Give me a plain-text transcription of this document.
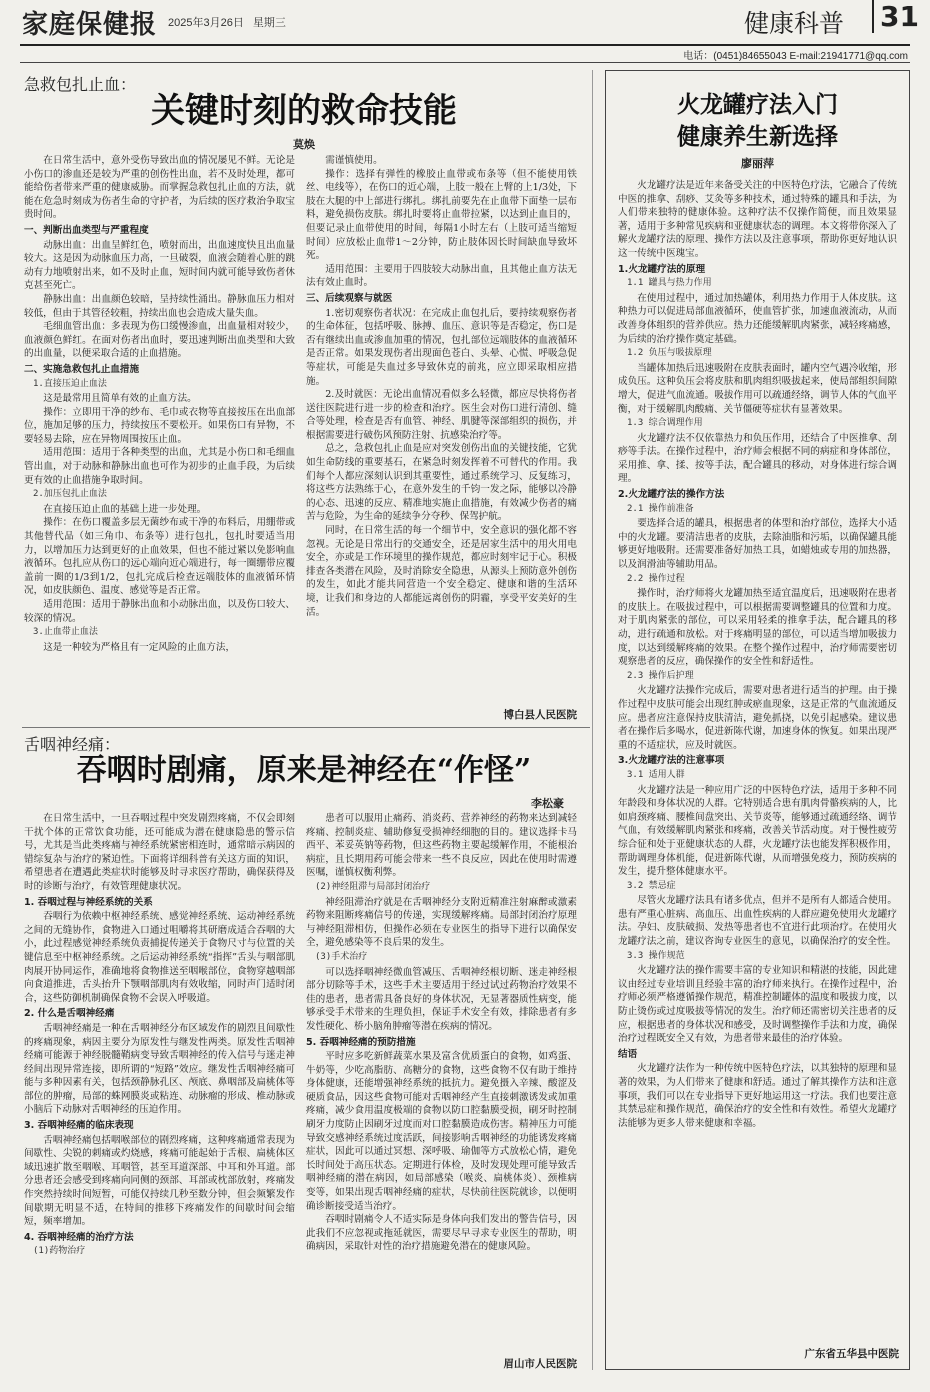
家庭保健报 2025年3月26日 星期三	健康科普 31
电话：(0451)84655043 E-mail:21941771@qq.com
急救包扎止血：
关键时刻的救命技能
莫焕

在日常生活中，意外受伤导致出血的情况屡见不鲜。无论是小伤口的渗血还是较为严重的创伤性出血，若不及时处理，都可能给伤者带来严重的健康威胁。而掌握急救包扎止血的方法，就能在危急时刻成为伤者生命的守护者，为后续的医疗救治争取宝贵时间。

一、判断出血类型与严重程度

动脉出血：出血呈鲜红色，喷射而出，出血速度快且出血量较大。这是因为动脉血压力高，一旦破裂，血液会随着心脏的跳动有力地喷射出来，如不及时止血，短时间内就可能导致伤者休克甚至死亡。

静脉出血：出血颜色较暗，呈持续性涌出。静脉血压力相对较低，但由于其管径较粗，持续出血也会造成大量失血。

毛细血管出血：多表现为伤口缓慢渗血，出血量相对较少，血液颜色鲜红。在面对伤者出血时，要迅速判断出血类型和大致的出血量，以便采取合适的止血措施。

二、实施急救包扎止血措施
1.直接压迫止血法

这是最常用且简单有效的止血方法。

操作：立即用干净的纱布、毛巾或衣物等直接按压在出血部位，施加足够的压力，持续按压不要松开。如果伤口有异物，不要轻易去除，应在异物周围按压止血。

适用范围：适用于各种类型的出血，尤其是小伤口和毛细血管出血，对于动脉和静脉出血也可作为初步的止血手段，为后续更有效的止血措施争取时间。

2.加压包扎止血法

在直接压迫止血的基础上进一步处理。

操作：在伤口覆盖多层无菌纱布或干净的布料后，用绷带或其他替代品（如三角巾、布条等）进行包扎，包扎时要适当用力，以增加压力达到更好的止血效果，但也不能过紧以免影响血液循环。包扎应从伤口的远心端向近心端进行，每一圈绷带应覆盖前一圈的1/3到1/2，包扎完成后检查远端肢体的血液循环情况，如皮肤颜色、温度、感觉等是否正常。

适用范围：适用于静脉出血和小动脉出血，以及伤口较大、较深的情况。

3.止血带止血法

这是一种较为严格且有一定风险的止血方法，

需谨慎使用。

操作：选择有弹性的橡胶止血带或布条等（但不能使用铁丝、电线等），在伤口的近心端，上肢一般在上臂的上1/3处，下肢在大腿的中上部进行绑扎。绑扎前要先在止血带下面垫一层布料，避免损伤皮肤。绑扎时要将止血带拉紧，以达到止血目的，但要记录止血带使用的时间，每隔1小时左右（上肢可适当缩短时间）应放松止血带1～2分钟，防止肢体因长时间缺血导致坏死。

适用范围：主要用于四肢较大动脉出血，且其他止血方法无法有效止血时。

三、后续观察与就医

1.密切观察伤者状况：在完成止血包扎后，要持续观察伤者的生命体征，包括呼吸、脉搏、血压、意识等是否稳定，伤口是否有继续出血或渗血加重的情况，包扎部位远端肢体的血液循环是否正常。如果发现伤者出现面色苍白、头晕、心慌、呼吸急促等症状，可能是失血过多导致休克的前兆，应立即采取相应措施。

2.及时就医：无论出血情况看似多么轻微，都应尽快将伤者送往医院进行进一步的检查和治疗。医生会对伤口进行清创、缝合等处理，检查是否有血管、神经、肌腱等深部组织的损伤，并根据需要进行破伤风预防注射、抗感染治疗等。

总之，急救包扎止血是应对突发创伤出血的关键技能，它犹如生命防线的重要基石，在紧急时刻发挥着不可替代的作用。我们每个人都应深刻认识到其重要性，通过系统学习、反复练习，将这些方法熟练于心，在意外发生的千钧一发之际，能够以冷静的心态、迅速的反应、精准地实施止血措施，有效减少伤者的痛苦与危险，为生命的延续争分夺秒、保驾护航。

同时，在日常生活的每一个细节中，安全意识的强化都不容忽视。无论是日常出行的交通安全，还是居家生活中的用火用电安全，亦或是工作环境里的操作规范，都应时刻牢记于心。积极排查各类潜在风险，及时消除安全隐患，从源头上预防意外创伤的发生，如此才能共同营造一个安全稳定、健康和谐的生活环境，让我们和身边的人都能远离创伤的阴霾，享受平安美好的生活。

博白县人民医院
舌咽神经痛：
吞咽时剧痛，原来是神经在“作怪”
李松豪

在日常生活中，一旦吞咽过程中突发剧烈疼痛，不仅会即刻干扰个体的正常饮食功能，还可能成为潜在健康隐患的警示信号，尤其是当此类疼痛与神经系统紧密相连时，通常暗示病因的错综复杂与治疗的紧迫性。下面将详细科普有关这方面的知识，希望患者在遭遇此类症状时能够及时寻求医疗帮助，确保获得及时的诊断与治疗，有效管理健康状况。

1. 吞咽过程与神经系统的关系

吞咽行为依赖中枢神经系统、感觉神经系统、运动神经系统之间的无缝协作，食物进入口通过咀嚼将其研磨成适合吞咽的大小，此过程感觉神经系统负责捕捉传递关于食物尺寸与位置的关键信息至中枢神经系统。之后运动神经系统“指挥”舌头与咽部肌肉展开协同运作，准确地将食物推送至咽喉部位，食物穿越咽部向食道推进，舌头抬升下颚咽部肌肉有效收缩，同时声门适时闭合，这些防御机制确保食物不会误入呼吸道。

2. 什么是舌咽神经痛

舌咽神经痛是一种在舌咽神经分布区域发作的剧烈且间歇性的疼痛现象，病因主要分为原发性与继发性两类。原发性舌咽神经痛可能源于神经脱髓鞘病变导致舌咽神经的传入信号与迷走神经间出现异常连接，即所谓的“短路”效应。继发性舌咽神经痛可能与多种因素有关，包括颈静脉孔区、颅底、鼻咽部及扁桃体等部位的肿瘤，局部的蛛网膜炎或粘连、动脉瘤的形成、椎动脉或小脑后下动脉对舌咽神经的压迫作用。

3. 吞咽神经痛的临床表现

舌咽神经痛包括咽喉部位的剧烈疼痛，这种疼痛通常表现为间歇性、尖锐的刺痛或灼烧感，疼痛可能起始于舌根、扁桃体区域迅速扩散至咽喉、耳咽管，甚至耳道深部、中耳和外耳道。部分患者还会感受到疼痛向同侧的颈部、耳部或枕部放射，疼痛发作突然持续时间短暂，可能仅持续几秒至数分钟，但会频繁发作间歇期无明显不适，在特间的推移下疼痛发作的间歇时间会缩短，频率增加。

4. 吞咽神经痛的治疗方法
(1)药物治疗

患者可以服用止痛药、消炎药、营养神经的药物来达到减轻疼痛、控制炎症、辅助修复受损神经细胞的目的。建议选择卡马西平、苯妥英钠等药物，但这些药物主要起缓解作用，不能根治病症，且长期用药可能会带来一些不良反应，因此在使用时需遵医嘱，谨慎权衡利弊。

(2)神经阻滞与局部封闭治疗

神经阻滞治疗就是在舌咽神经分支附近精准注射麻醉或激素药物来阻断疼痛信号的传递，实现缓解疼痛。局部封闭治疗原理与神经阻滞相仿，但操作必须在专业医生的指导下进行以确保安全，避免感染等不良后果的发生。

(3)手术治疗

可以选择咽神经微血管减压、舌咽神经根切断、迷走神经根部分切除等手术，这些手术主要适用于经过试过药物治疗效果不佳的患者，患者需具备良好的身体状况，无显著器质性病变，能够承受手术带来的生理负担，保证手术安全有效，排除患者有多发性硬化、桥小脑角肿瘤等潜在疾病的情况。

5. 吞咽神经痛的预防措施

平时应多吃新鲜蔬菜水果及富含优质蛋白的食物，如鸡蛋、牛奶等，少吃高脂肪、高糖分的食物，这些食物不仅有助于维持身体健康，还能增强神经系统的抵抗力。避免摄入辛辣、酸涩及硬质食品，因这些食物可能对舌咽神经产生直接刺激诱发或加重疼痛，减少食用温度极端的食物以防口腔黏膜受损，刷牙时控制刷牙力度防止因刷牙过度而对口腔黏膜造成伤害。精神压力可能导致交感神经系统过度活跃，间接影响舌咽神经的功能诱发疼痛症状，因此可以通过冥想、深呼吸、瑜伽等方式放松心情，避免长时间处于高压状态。定期进行体检，及时发现处理可能导致舌咽神经痛的潜在病因，如局部感染（喉炎、扁桃体炎）、颈椎病变等，如果出现舌咽神经痛的症状，尽快前往医院就诊，以便明确诊断接受适当治疗。

吞咽时剧痛令人不适实际是身体向我们发出的警告信号，因此我们不应忽视或拖延就医，需要尽早寻求专业医生的帮助，明确病因，采取针对性的治疗措施避免潜在的健康风险。

眉山市人民医院
火龙罐疗法入门
健康养生新选择
廖丽萍

火龙罐疗法是近年来备受关注的中医特色疗法，它融合了传统中医的推拿、刮痧、艾灸等多种技术，通过特殊的罐具和手法，为人们带来独特的健康体验。这种疗法不仅操作简便，而且效果显著，适用于多种常见疾病和亚健康状态的调理。本文将带你深入了解火龙罐疗法的原理、操作方法以及注意事项，帮助你更好地认识这一传统中医瑰宝。

1.火龙罐疗法的原理
1.1 罐具与热力作用

在使用过程中，通过加热罐体，利用热力作用于人体皮肤。这种热力可以促进局部血液循环，使血管扩张，加速血液流动，从而改善身体组织的营养供应。热力还能缓解肌肉紧张，减轻疼痛感，为后续的治疗操作奠定基础。

1.2 负压与吸拔原理

当罐体加热后迅速吸附在皮肤表面时，罐内空气遇冷收缩，形成负压。这种负压会将皮肤和肌肉组织吸拔起来，使局部组织间隙增大，促进气血流通。吸拔作用可以疏通经络，调节人体的气血平衡，对于缓解肌肉酸痛、关节僵硬等症状有显著效果。

1.3 综合调理作用

火龙罐疗法不仅依靠热力和负压作用，还结合了中医推拿、刮痧等手法。在操作过程中，治疗师会根据不同的病症和身体部位，采用推、拿、揉、按等手法，配合罐具的移动，对身体进行综合调理。

2.火龙罐疗法的操作方法
2.1 操作前准备

要选择合适的罐具，根据患者的体型和治疗部位，选择大小适中的火龙罐。要清洁患者的皮肤，去除油脂和污垢，以确保罐具能够更好地吸附。还需要准备好加热工具，如蜡烛或专用的加热器，以及润滑油等辅助用品。

2.2 操作过程

操作时，治疗师将火龙罐加热至适宜温度后，迅速吸附在患者的皮肤上。在吸拔过程中，可以根据需要调整罐具的位置和力度。对于肌肉紧张的部位，可以采用轻柔的推拿手法，配合罐具的移动，进行疏通和放松。对于疼痛明显的部位，可以适当增加吸拔力度，以达到缓解疼痛的效果。在整个操作过程中，治疗师需要密切观察患者的反应，确保操作的安全性和舒适性。

2.3 操作后护理

火龙罐疗法操作完成后，需要对患者进行适当的护理。由于操作过程中皮肤可能会出现红肿或瘀血现象，这是正常的气血流通反应。患者应注意保持皮肤清洁，避免抓挠，以免引起感染。建议患者在操作后多喝水，促进新陈代谢，加速身体的恢复。如果出现严重的不适症状，应及时就医。

3.火龙罐疗法的注意事项
3.1 适用人群

火龙罐疗法是一种应用广泛的中医特色疗法，适用于多种不同年龄段和身体状况的人群。它特别适合患有肌肉骨骼疾病的人，比如肩颈疼痛、腰椎间盘突出、关节炎等，能够通过疏通经络、调节气血，有效缓解肌肉紧张和疼痛，改善关节活动度。对于慢性疲劳综合征和处于亚健康状态的人群，火龙罐疗法也能发挥积极作用，帮助调理身体机能，促进新陈代谢，从而增强免疫力，预防疾病的发生，提升整体健康水平。

3.2 禁忌症

尽管火龙罐疗法具有诸多优点，但并不是所有人都适合使用。患有严重心脏病、高血压、出血性疾病的人群应避免使用火龙罐疗法。孕妇、皮肤破损、发热等患者也不宜进行此项治疗。在使用火龙罐疗法之前，建议咨询专业医生的意见，以确保治疗的安全性。

3.3 操作规范

火龙罐疗法的操作需要丰富的专业知识和精湛的技能，因此建议由经过专业培训且经验丰富的治疗师来执行。在操作过程中，治疗师必须严格遵循操作规范，精准控制罐体的温度和吸拔力度，以防止烫伤或过度吸拔等情况的发生。治疗师还需密切关注患者的反应，根据患者的身体状况和感受，及时调整操作手法和力度，确保治疗过程既安全又有效，为患者带来最佳的治疗体验。

结语

火龙罐疗法作为一种传统中医特色疗法，以其独特的原理和显著的效果，为人们带来了健康和舒适。通过了解其操作方法和注意事项，我们可以在专业指导下更好地运用这一疗法。我们也要注意其禁忌症和操作规范，确保治疗的安全性和有效性。希望火龙罐疗法能够为更多人带来健康和幸福。

广东省五华县中医院
